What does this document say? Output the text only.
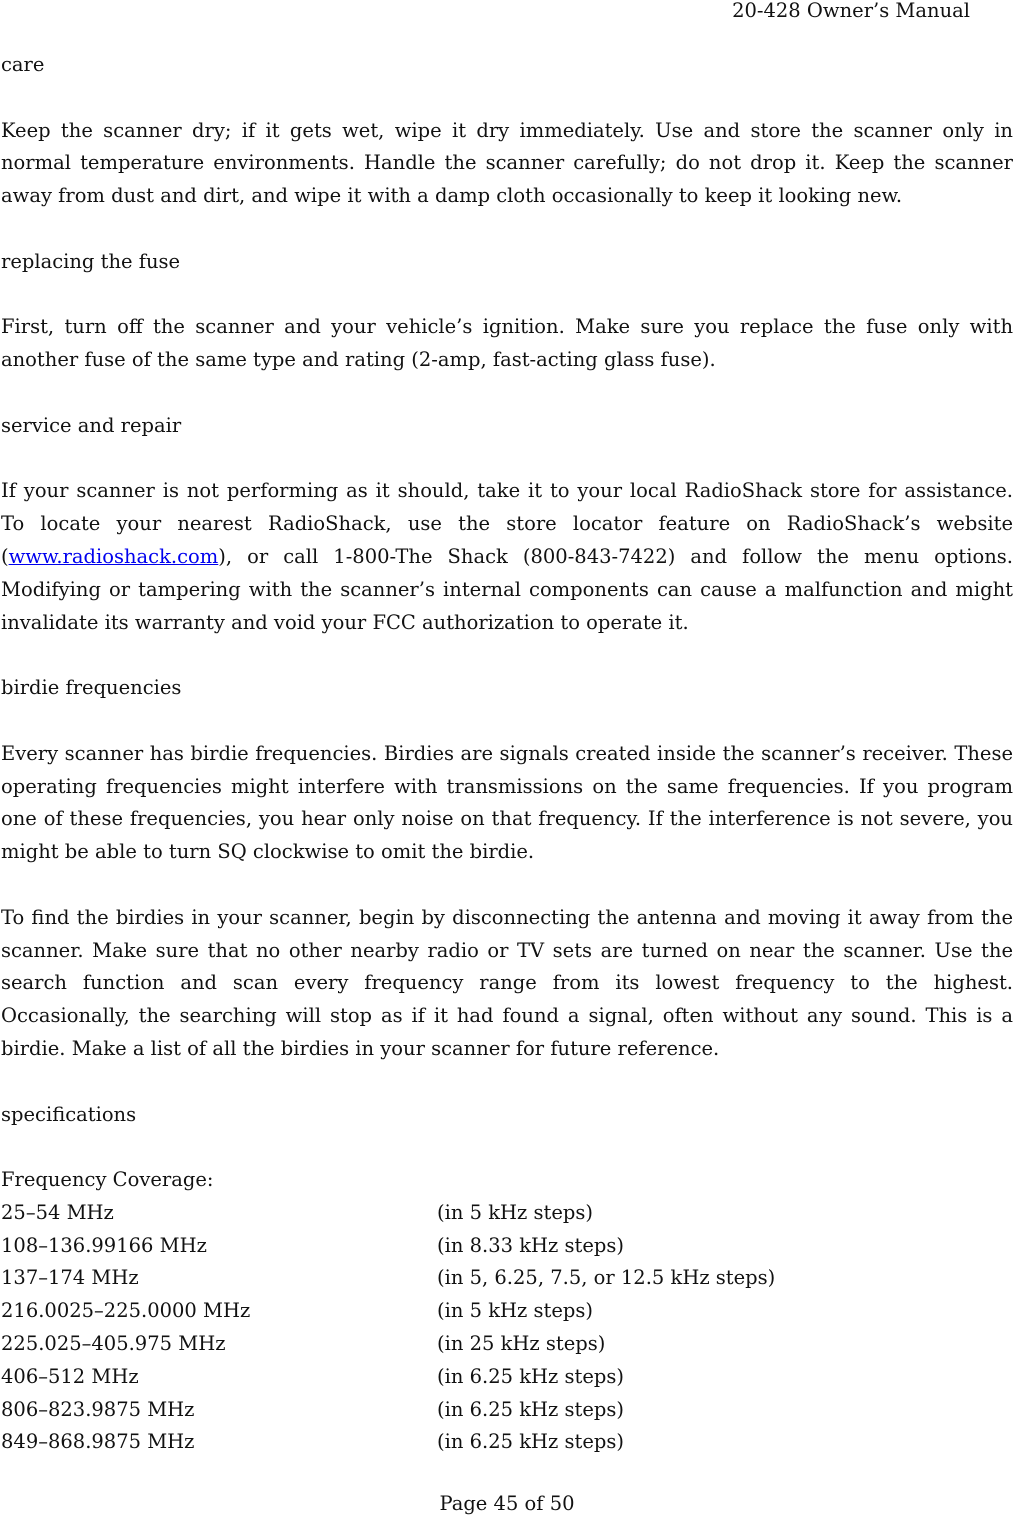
20-428 Owner’s Manual
care
Keep the scanner dry; if it gets wet, wipe it dry immediately. Use and store the scanner only in normal temperature environments. Handle the scanner carefully; do not drop it. Keep the scanner away from dust and dirt, and wipe it with a damp cloth occasionally to keep it looking new.
replacing the fuse
First, turn off the scanner and your vehicle’s ignition. Make sure you replace the fuse only with another fuse of the same type and rating (2-amp, fast-acting glass fuse).
service and repair
If your scanner is not performing as it should, take it to your local RadioShack store for assistance. To locate your nearest RadioShack, use the store locator feature on RadioShack’s website (www.radioshack.com), or call 1-800-The Shack (800-843-7422) and follow the menu options. Modifying or tampering with the scanner’s internal components can cause a malfunction and might invalidate its warranty and void your FCC authorization to operate it.
birdie frequencies
Every scanner has birdie frequencies. Birdies are signals created inside the scanner’s receiver. These operating frequencies might interfere with transmissions on the same frequencies. If you program one of these frequencies, you hear only noise on that frequency. If the interference is not severe, you might be able to turn SQ clockwise to omit the birdie.
To find the birdies in your scanner, begin by disconnecting the antenna and moving it away from the scanner. Make sure that no other nearby radio or TV sets are turned on near the scanner. Use the search function and scan every frequency range from its lowest frequency to the highest. Occasionally, the searching will stop as if it had found a signal, often without any sound. This is a birdie. Make a list of all the birdies in your scanner for future reference.
specifications
Frequency Coverage:
25–54 MHz	(in 5 kHz steps)
108–136.99166 MHz	(in 8.33 kHz steps)
137–174 MHz	(in 5, 6.25, 7.5, or 12.5 kHz steps)
216.0025–225.0000 MHz	(in 5 kHz steps)
225.025–405.975 MHz	(in 25 kHz steps)
406–512 MHz	(in 6.25 kHz steps)
806–823.9875 MHz	(in 6.25 kHz steps)
849–868.9875 MHz	(in 6.25 kHz steps)
Page 45 of 50
